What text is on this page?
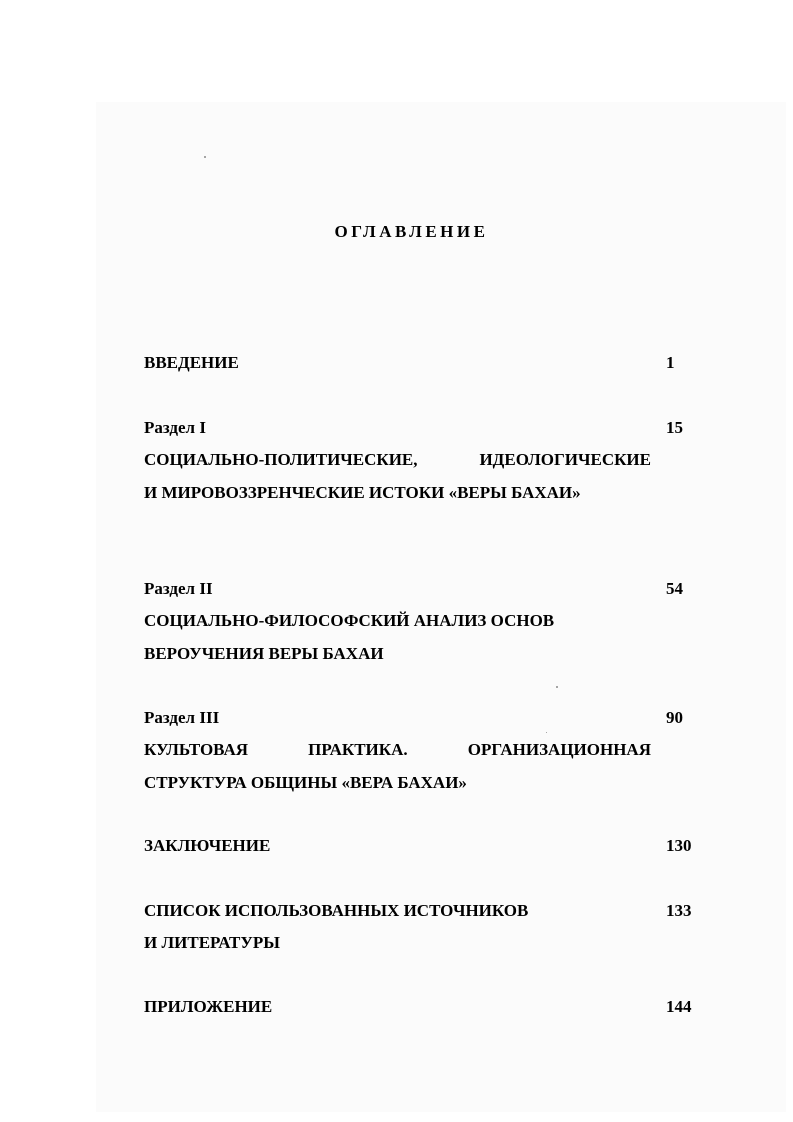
ОГЛАВЛЕНИЕ
ВВЕДЕНИЕ	1
Раздел I	15
СОЦИАЛЬНО-ПОЛИТИЧЕСКИЕ, ИДЕОЛОГИЧЕСКИЕ
И МИРОВОЗЗРЕНЧЕСКИЕ ИСТОКИ «ВЕРЫ БАХАИ»
Раздел II	54
СОЦИАЛЬНО-ФИЛОСОФСКИЙ АНАЛИЗ ОСНОВ
ВЕРОУЧЕНИЯ ВЕРЫ БАХАИ
Раздел III	90
КУЛЬТОВАЯ ПРАКТИКА. ОРГАНИЗАЦИОННАЯ
СТРУКТУРА ОБЩИНЫ «ВЕРА БАХАИ»
ЗАКЛЮЧЕНИЕ	130
СПИСОК ИСПОЛЬЗОВАННЫХ ИСТОЧНИКОВ	133
И ЛИТЕРАТУРЫ
ПРИЛОЖЕНИЕ	144
